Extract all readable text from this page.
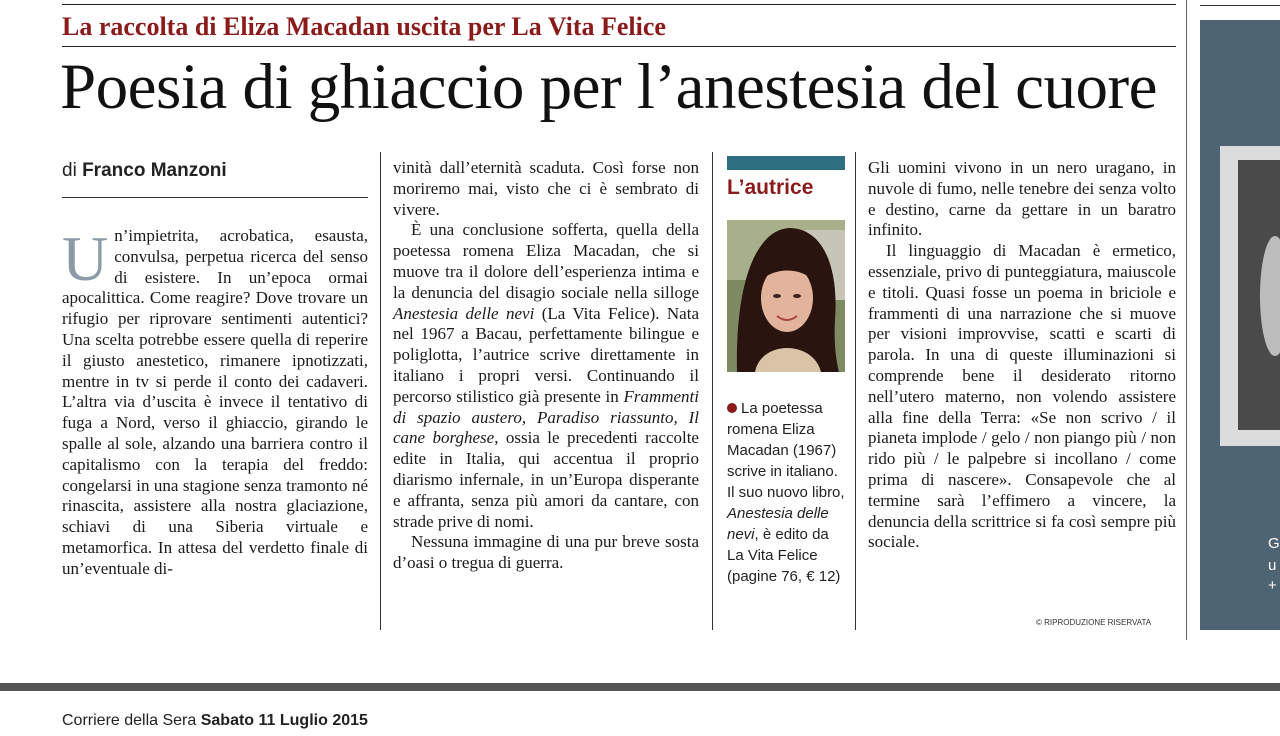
La raccolta di Eliza Macadan uscita per La Vita Felice
Poesia di ghiaccio per l’anestesia del cuore
di Franco Manzoni
Un’impietrita, acrobatica, esausta, convulsa, perpetua ricerca del senso di esistere. In un’epoca ormai apocalittica. Come reagire? Dove trovare un rifugio per riprovare sentimenti autentici? Una scelta potrebbe essere quella di reperire il giusto anestetico, rimanere ipnotizzati, mentre in tv si perde il conto dei cadaveri. L’altra via d’uscita è invece il tentativo di fuga a Nord, verso il ghiaccio, girando le spalle al sole, alzando una barriera contro il capitalismo con la terapia del freddo: congelarsi in una stagione senza tramonto né rinascita, assistere alla nostra glaciazione, schiavi di una Siberia virtuale e metamorfica. In attesa del verdetto finale di un’eventuale di-

vinità dall’eternità scaduta. Così forse non moriremo mai, visto che ci è sembrato di vivere.

È una conclusione sofferta, quella della poetessa romena Eliza Macadan, che si muove tra il dolore dell’esperienza intima e la denuncia del disagio sociale nella silloge Anestesia delle nevi (La Vita Felice). Nata nel 1967 a Bacau, perfettamente bilingue e poliglotta, l’autrice scrive direttamente in italiano i propri versi. Continuando il percorso stilistico già presente in Frammenti di spazio austero, Paradiso riassunto, Il cane borghese, ossia le precedenti raccolte edite in Italia, qui accentua il proprio diarismo infernale, in un’Europa disperante e affranta, senza più amori da cantare, con strade prive di nomi.

Nessuna immagine di una pur breve sosta d’oasi o tregua di guerra.

L’autrice

La poetessa romena Eliza Macadan (1967) scrive in italiano. Il suo nuovo libro, Anestesia delle nevi, è edito da La Vita Felice (pagine 76, € 12)

Gli uomini vivono in un nero uragano, in nuvole di fumo, nelle tenebre dei senza volto e destino, carne da gettare in un baratro infinito.

Il linguaggio di Macadan è ermetico, essenziale, privo di punteggiatura, maiuscole e titoli. Quasi fosse un poema in briciole e frammenti di una narrazione che si muove per visioni improvvise, scatti e scarti di parola. In una di queste illuminazioni si comprende bene il desiderato ritorno nell’utero materno, non volendo assistere alla fine della Terra: «Se non scrivo / il pianeta implode / gelo / non piango più / non rido più / le palpebre si incollano / come prima di nascere». Consapevole che al termine sarà l’effimero a vincere, la denuncia della scrittrice si fa così sempre più sociale.

© RIPRODUZIONE RISERVATA
G
u
+
Corriere della Sera Sabato 11 Luglio 2015
